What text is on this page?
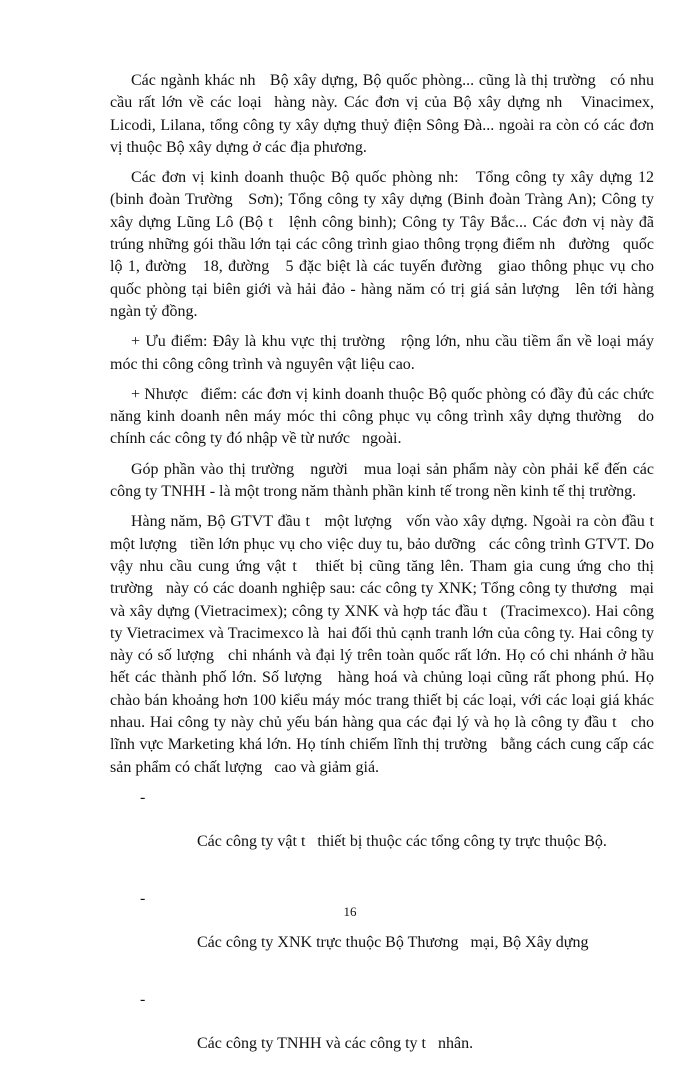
Các ngành khác nh   Bộ xây dựng, Bộ quốc phòng... cũng là thị trường   có nhu cầu rất lớn về các loại  hàng này. Các đơn vị của Bộ xây dựng nh   Vinacimex, Licodi, Lilana, tổng công ty xây dựng thuỷ điện Sông Đà... ngoài ra còn có các đơn vị thuộc Bộ xây dựng ở các địa phương.

Các đơn vị kinh doanh thuộc Bộ quốc phòng nh:   Tổng công ty xây dựng 12 (binh đoàn Trường   Sơn); Tổng công ty xây dựng (Binh đoàn Tràng An); Công ty xây dựng Lũng Lô (Bộ t   lệnh công binh); Công ty Tây Bắc... Các đơn vị này đã trúng những gói thầu lớn tại các công trình giao thông trọng điểm nh   đường   quốc lộ 1, đường   18, đường   5 đặc biệt là các tuyến đường   giao thông phục vụ cho quốc phòng tại biên giới và hải đảo - hàng năm có trị giá sản lượng   lên tới hàng ngàn tỷ đồng.

+ Ưu điểm: Đây là khu vực thị trường   rộng lớn, nhu cầu tiềm ẩn về loại máy móc thi công công trình và nguyên vật liệu cao.

+ Nhược   điểm: các đơn vị kinh doanh thuộc Bộ quốc phòng có đầy đủ các chức năng kinh doanh nên máy móc thi công phục vụ công trình xây dựng thường   do chính các công ty đó nhập về từ nước   ngoài.

Góp phần vào thị trường   người   mua loại sản phẩm này còn phải kể đến các công ty TNHH - là một trong năm thành phần kinh tế trong nền kinh tế thị trường.

Hàng năm, Bộ GTVT đầu t   một lượng   vốn vào xây dựng. Ngoài ra còn đầu t   một lượng   tiền lớn phục vụ cho việc duy tu, bảo dưỡng   các công trình GTVT. Do vậy nhu cầu cung ứng vật t   thiết bị cũng tăng lên. Tham gia cung ứng cho thị trường   này có các doanh nghiệp sau: các công ty XNK; Tổng công ty thương   mại và xây dựng (Vietracimex); công ty XNK và hợp tác đầu t   (Tracimexco). Hai công ty Vietracimex và Tracimexco là  hai đối thủ cạnh tranh lớn của công ty. Hai công ty này có số lượng   chi nhánh và đại lý trên toàn quốc rất lớn. Họ có chi nhánh ở hầu hết các thành phố lớn. Số lượng   hàng hoá và chủng loại cũng rất phong phú. Họ chào bán khoảng hơn 100 kiểu máy móc trang thiết bị các loại, với các loại giá khác nhau. Hai công ty này chủ yếu bán hàng qua các đại lý và họ là công ty đầu t   cho lĩnh vực Marketing khá lớn. Họ tính chiếm lĩnh thị trường   bằng cách cung cấp các sản phẩm có chất lượng   cao và giảm giá.

-

Các công ty vật t   thiết bị thuộc các tổng công ty trực thuộc Bộ.

-

Các công ty XNK trực thuộc Bộ Thương   mại, Bộ Xây dựng

-

Các công ty TNHH và các công ty t   nhân.

16
